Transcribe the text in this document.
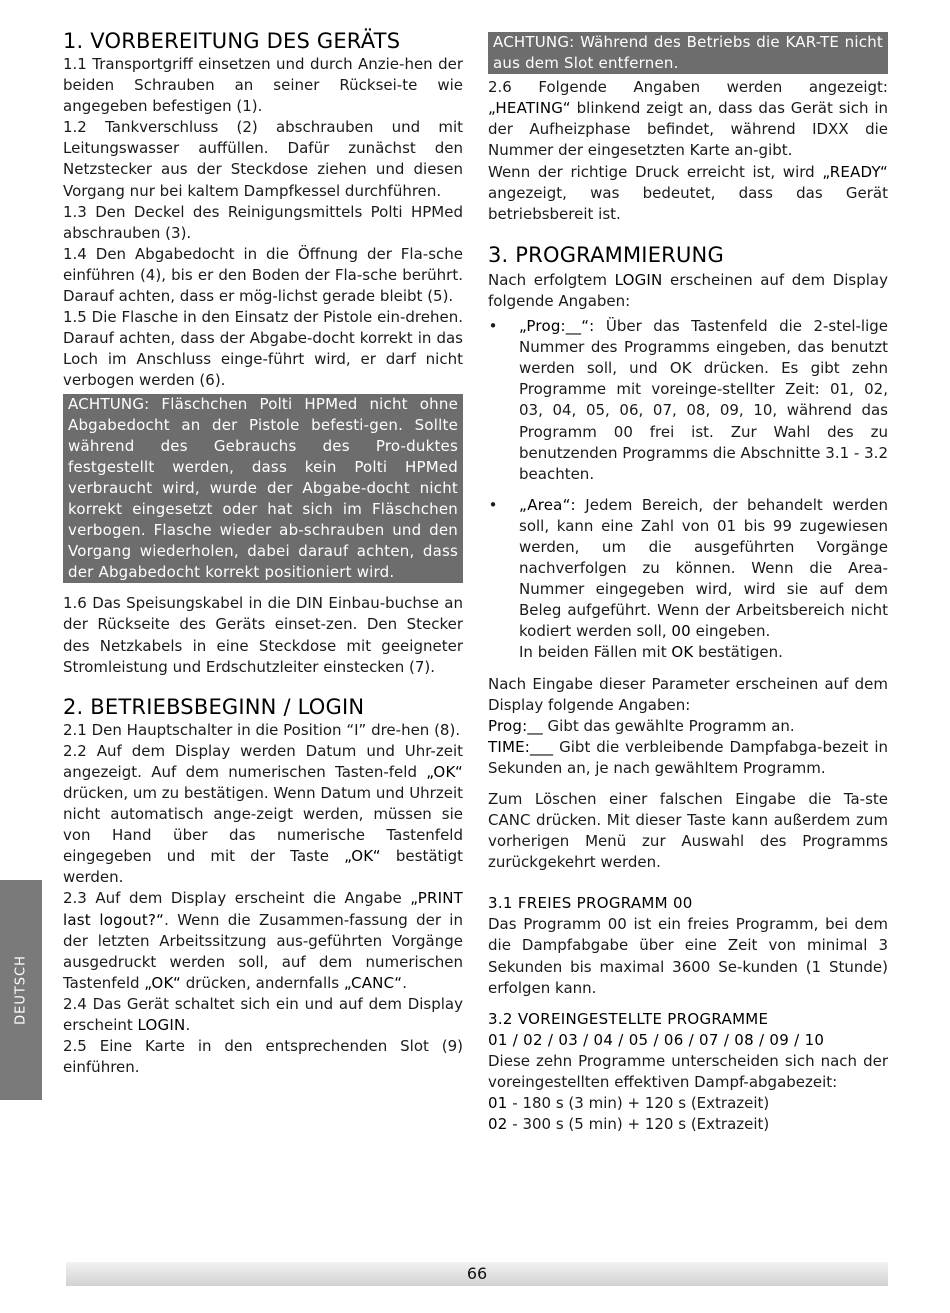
DEUTSCH
1. VORBEREITUNG DES GERÄTS

1.1 Transportgriff einsetzen und durch Anzie-hen der beiden Schrauben an seiner Rücksei-te wie angegeben befestigen (1).

1.2 Tankverschluss (2) abschrauben und mit Leitungswasser auffüllen. Dafür zunächst den Netzstecker aus der Steckdose ziehen und diesen Vorgang nur bei kaltem Dampfkessel durchführen.

1.3 Den Deckel des Reinigungsmittels Polti HPMed abschrauben (3).

1.4 Den Abgabedocht in die Öffnung der Fla-sche einführen (4), bis er den Boden der Fla-sche berührt. Darauf achten, dass er mög-lichst gerade bleibt (5).

1.5 Die Flasche in den Einsatz der Pistole ein-drehen. Darauf achten, dass der Abgabe-docht korrekt in das Loch im Anschluss einge-führt wird, er darf nicht verbogen werden (6).

ACHTUNG: Fläschchen Polti HPMed nicht ohne Abgabedocht an der Pistole befesti-gen. Sollte während des Gebrauchs des Pro-duktes festgestellt werden, dass kein Polti HPMed verbraucht wird, wurde der Abgabe-docht nicht korrekt eingesetzt oder hat sich im Fläschchen verbogen. Flasche wieder ab-schrauben und den Vorgang wiederholen, dabei darauf achten, dass der Abgabedocht korrekt positioniert wird.

1.6 Das Speisungskabel in die DIN Einbau-buchse an der Rückseite des Geräts einset-zen. Den Stecker des Netzkabels in eine Steckdose mit geeigneter Stromleistung und Erdschutzleiter einstecken (7).

2. BETRIEBSBEGINN / LOGIN

2.1 Den Hauptschalter in die Position “I” dre-hen (8).

2.2 Auf dem Display werden Datum und Uhr-zeit angezeigt. Auf dem numerischen Tasten-feld „OK“ drücken, um zu bestätigen. Wenn Datum und Uhrzeit nicht automatisch ange-zeigt werden, müssen sie von Hand über das numerische Tastenfeld eingegeben und mit der Taste „OK“ bestätigt werden.

2.3 Auf dem Display erscheint die Angabe „PRINT last logout?“. Wenn die Zusammen-fassung der in der letzten Arbeitssitzung aus-geführten Vorgänge ausgedruckt werden soll, auf dem numerischen Tastenfeld „OK“ drücken, andernfalls „CANC“.

2.4 Das Gerät schaltet sich ein und auf dem Display erscheint LOGIN.

2.5 Eine Karte in den entsprechenden Slot (9) einführen.

ACHTUNG: Während des Betriebs die KAR-TE nicht aus dem Slot entfernen.

2.6 Folgende Angaben werden angezeigt: „HEATING“ blinkend zeigt an, dass das Gerät sich in der Aufheizphase befindet, während IDXX die Nummer der eingesetzten Karte an-gibt.

Wenn der richtige Druck erreicht ist, wird „READY“ angezeigt, was bedeutet, dass das Gerät betriebsbereit ist.

3. PROGRAMMIERUNG

Nach erfolgtem LOGIN erscheinen auf dem Display folgende Angaben:

• „Prog:__“: Über das Tastenfeld die 2-stel-lige Nummer des Programms eingeben, das benutzt werden soll, und OK drücken. Es gibt zehn Programme mit voreinge-stellter Zeit: 01, 02, 03, 04, 05, 06, 07, 08, 09, 10, während das Programm 00 frei ist. Zur Wahl des zu benutzenden Programms die Abschnitte 3.1 - 3.2 beachten.
• „Area“: Jedem Bereich, der behandelt werden soll, kann eine Zahl von 01 bis 99 zugewiesen werden, um die ausgeführten Vorgänge nachverfolgen zu können. Wenn die Area-Nummer eingegeben wird, wird sie auf dem Beleg aufgeführt. Wenn der Arbeitsbereich nicht kodiert werden soll, 00 eingeben.
In beiden Fällen mit OK bestätigen.

Nach Eingabe dieser Parameter erscheinen auf dem Display folgende Angaben:

Prog:__ Gibt das gewählte Programm an.

TIME:___ Gibt die verbleibende Dampfabga-bezeit in Sekunden an, je nach gewähltem Programm.

Zum Löschen einer falschen Eingabe die Ta-ste CANC drücken. Mit dieser Taste kann außerdem zum vorherigen Menü zur Auswahl des Programms zurückgekehrt werden.

3.1 FREIES PROGRAMM 00

Das Programm 00 ist ein freies Programm, bei dem die Dampfabgabe über eine Zeit von minimal 3 Sekunden bis maximal 3600 Se-kunden (1 Stunde) erfolgen kann.

3.2 VOREINGESTELLTE PROGRAMME
01 / 02 / 03 / 04 / 05 / 06 / 07 / 08 / 09 / 10

Diese zehn Programme unterscheiden sich nach der voreingestellten effektiven Dampf-abgabezeit:

01 - 180 s (3 min) + 120 s (Extrazeit)

02 - 300 s (5 min) + 120 s (Extrazeit)

66
